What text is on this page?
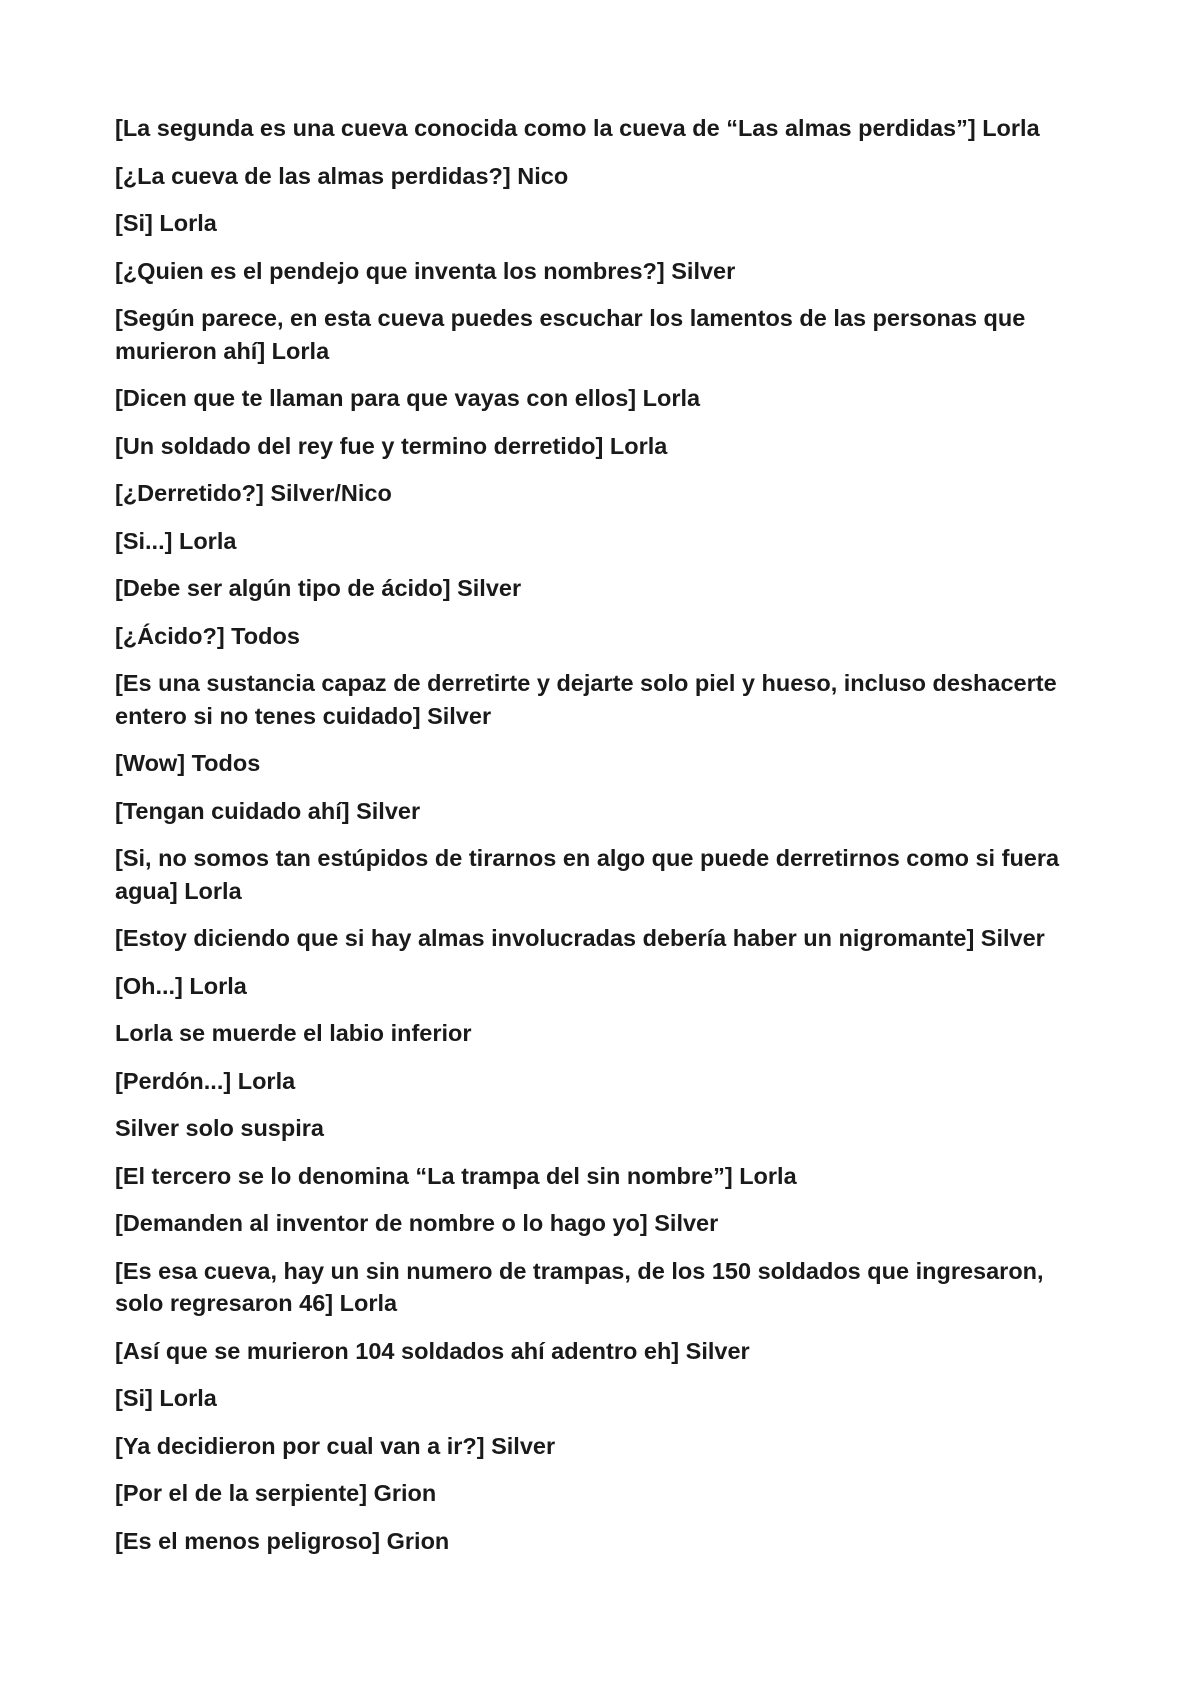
[La segunda es una cueva conocida como la cueva de “Las almas perdidas”] Lorla

[¿La cueva de las almas perdidas?] Nico

[Si] Lorla

[¿Quien es el pendejo que inventa los nombres?] Silver

[Según parece, en esta cueva puedes escuchar los lamentos de las personas que murieron ahí] Lorla

[Dicen que te llaman para que vayas con ellos] Lorla

[Un soldado del rey fue y termino derretido] Lorla

[¿Derretido?] Silver/Nico

[Si...] Lorla

[Debe ser algún tipo de ácido] Silver

[¿Ácido?] Todos

[Es una sustancia capaz de derretirte y dejarte solo piel y hueso, incluso deshacerte entero si no tenes cuidado] Silver

[Wow] Todos

[Tengan cuidado ahí] Silver

[Si, no somos tan estúpidos de tirarnos en algo que puede derretirnos como si fuera agua] Lorla

[Estoy diciendo que si hay almas involucradas debería haber un nigromante] Silver

[Oh...] Lorla

Lorla se muerde el labio inferior

[Perdón...] Lorla

Silver solo suspira

[El tercero se lo denomina “La trampa del sin nombre”] Lorla

[Demanden al inventor de nombre o lo hago yo] Silver

[Es esa cueva, hay un sin numero de trampas, de los 150 soldados que ingresaron, solo regresaron 46] Lorla

[Así que se murieron 104 soldados ahí adentro eh] Silver

[Si] Lorla

[Ya decidieron por cual van a ir?] Silver

[Por el de la serpiente] Grion

[Es el menos peligroso] Grion
